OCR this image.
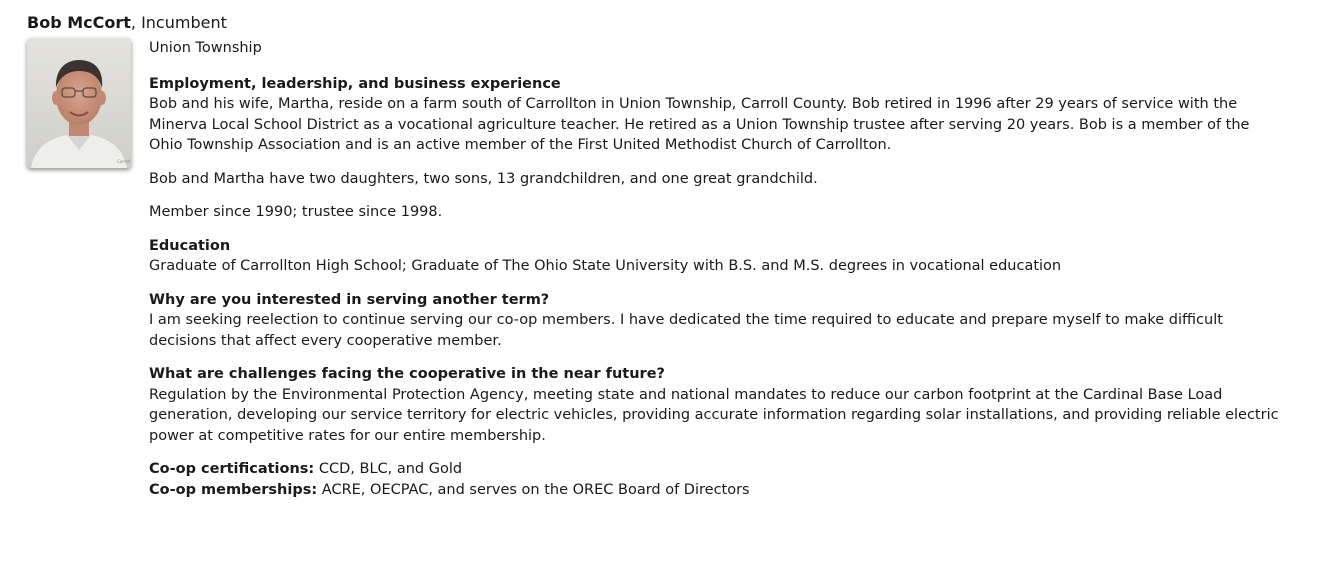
Bob McCort, Incumbent
Carroll

Union Township

Employment, leadership, and business experience

Bob and his wife, Martha, reside on a farm south of Carrollton in Union Township, Carroll County. Bob retired in 1996 after 29 years of service with the Minerva Local School District as a vocational agriculture teacher. He retired as a Union Township trustee after serving 20 years. Bob is a member of the Ohio Township Association and is an active member of the First United Methodist Church of Carrollton.

Bob and Martha have two daughters, two sons, 13 grandchildren, and one great grandchild.

Member since 1990; trustee since 1998.

Education

Graduate of Carrollton High School; Graduate of The Ohio State University with B.S. and M.S. degrees in vocational education

Why are you interested in serving another term?

I am seeking reelection to continue serving our co-op members. I have dedicated the time required to educate and prepare myself to make difficult decisions that affect every cooperative member.

What are challenges facing the cooperative in the near future?

Regulation by the Environmental Protection Agency, meeting state and national mandates to reduce our carbon footprint at the Cardinal Base Load generation, developing our service territory for electric vehicles, providing accurate information regarding solar installations, and providing reliable electric power at competitive rates for our entire membership.

Co-op certifications: CCD, BLC, and Gold

Co-op memberships: ACRE, OECPAC, and serves on the OREC Board of Directors
